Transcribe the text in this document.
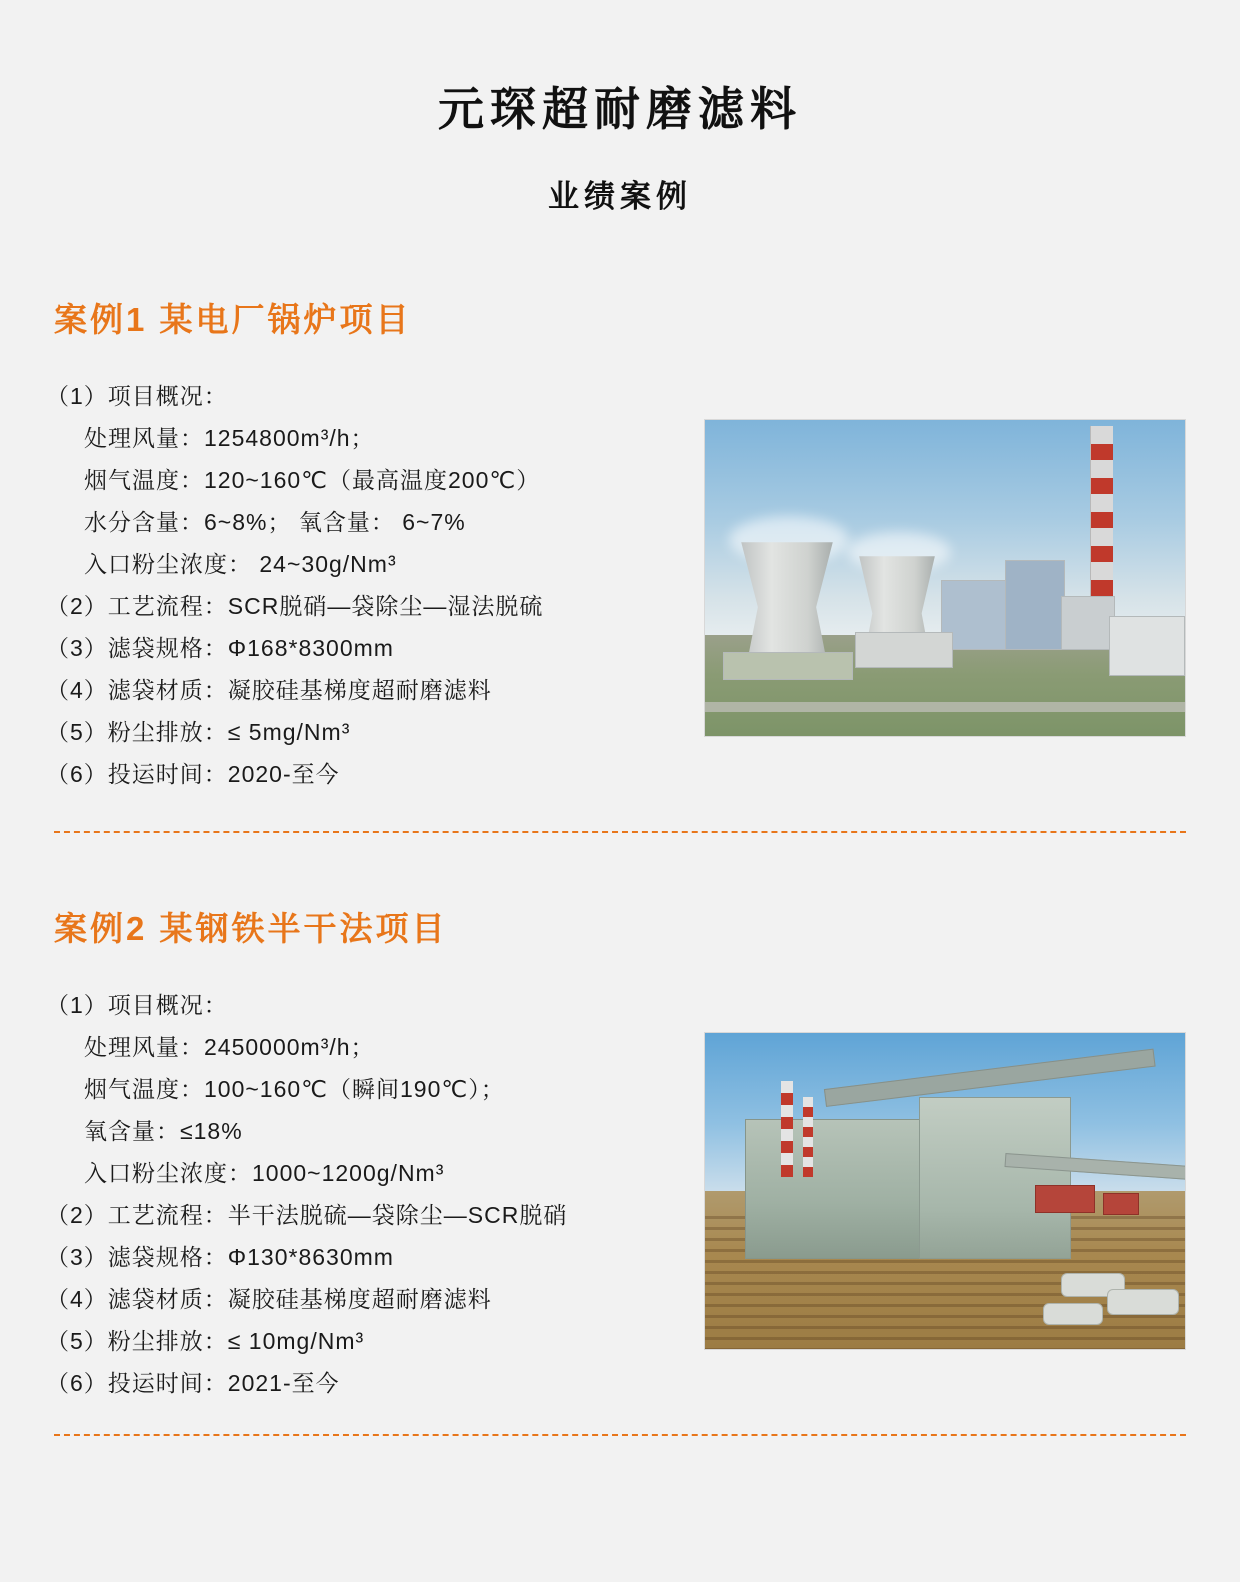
元琛超耐磨滤料
业绩案例
案例1 某电厂锅炉项目
（1）项目概况：
处理风量：1254800m³/h；
烟气温度：120~160℃（最高温度200℃）
水分含量：6~8%； 氧含量： 6~7%
入口粉尘浓度： 24~30g/Nm³
（2）工艺流程：SCR脱硝—袋除尘—湿法脱硫
（3）滤袋规格：Φ168*8300mm
（4）滤袋材质：凝胶硅基梯度超耐磨滤料
（5）粉尘排放：≤ 5mg/Nm³
（6）投运时间：2020-至今
案例2 某钢铁半干法项目
（1）项目概况：
处理风量：2450000m³/h；
烟气温度：100~160℃（瞬间190℃）；
氧含量：≤18%
入口粉尘浓度：1000~1200g/Nm³
（2）工艺流程：半干法脱硫—袋除尘—SCR脱硝
（3）滤袋规格：Φ130*8630mm
（4）滤袋材质：凝胶硅基梯度超耐磨滤料
（5）粉尘排放：≤ 10mg/Nm³
（6）投运时间：2021-至今
